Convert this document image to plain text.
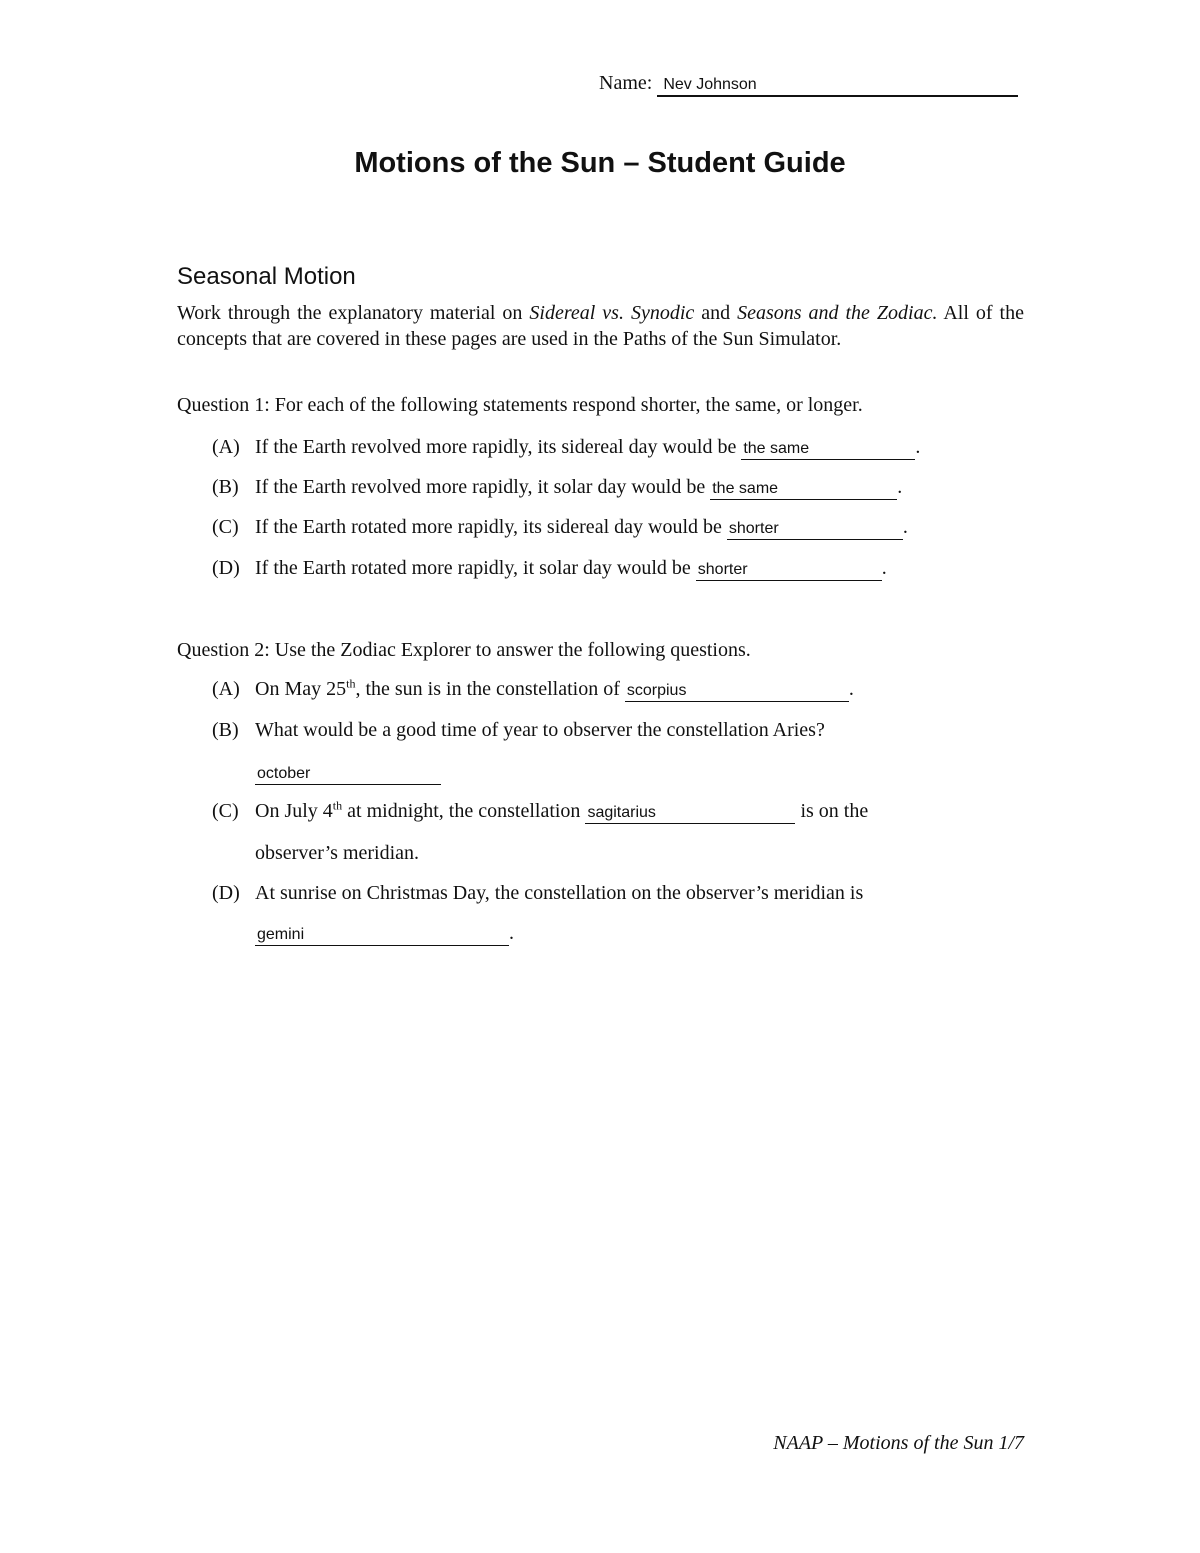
Name: Nev Johnson
Motions of the Sun – Student Guide
Seasonal Motion

Work through the explanatory material on Sidereal vs. Synodic and Seasons and the Zodiac. All of the concepts that are covered in these pages are used in the Paths of the Sun Simulator.

Question 1: For each of the following statements respond shorter, the same, or longer.

(A) If the Earth revolved more rapidly, its sidereal day would be the same	.
(B) If the Earth revolved more rapidly, it solar day would be the same	.
(C) If the Earth rotated more rapidly, its sidereal day would be shorter	.
(D) If the Earth rotated more rapidly, it solar day would be shorter	.

Question 2: Use the Zodiac Explorer to answer the following questions.

(A) On May 25th, the sun is in the constellation of scorpius	.
(B) What would be a good time of year to observer the constellation Aries?
october
(C) On July 4th at midnight, the constellation sagitarius	is on the
observer’s meridian.
(D) At sunrise on Christmas Day, the constellation on the observer’s meridian is
gemini	.
NAAP – Motions of the Sun 1/7
